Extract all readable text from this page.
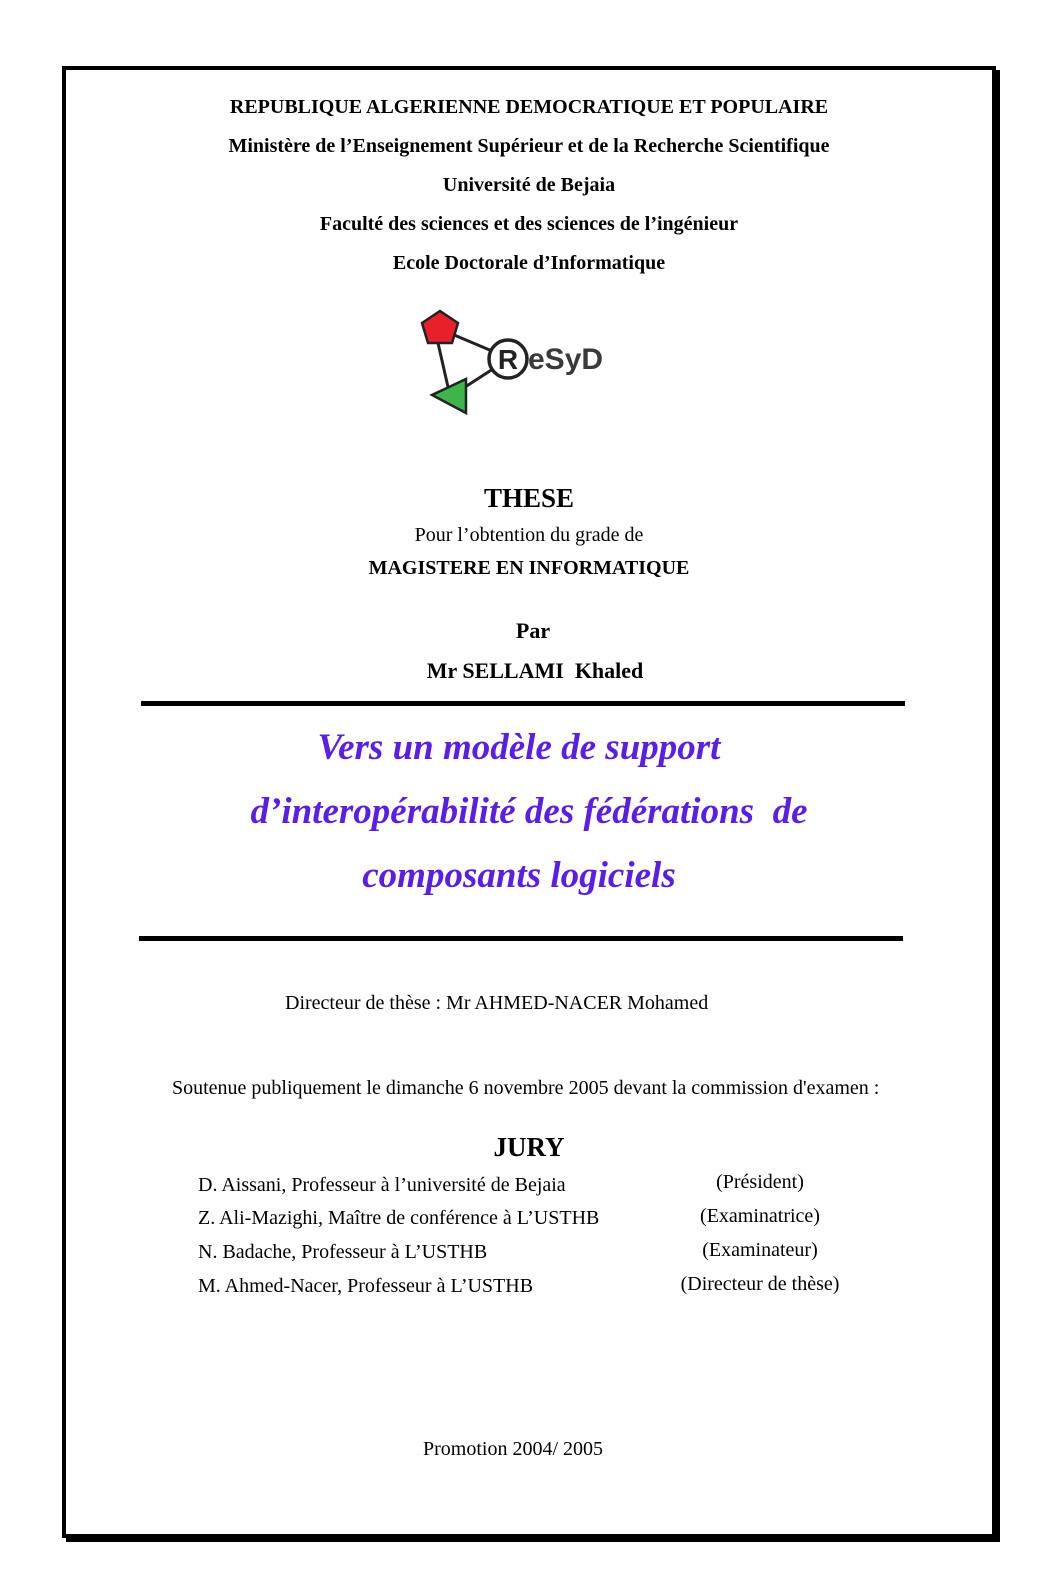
REPUBLIQUE ALGERIENNE DEMOCRATIQUE ET POPULAIRE
Ministère de l’Enseignement Supérieur et de la Recherche Scientifique
Université de Bejaia
Faculté des sciences et des sciences de l’ingénieur
Ecole Doctorale d’Informatique
R eSyD
THESE
Pour l’obtention du grade de
MAGISTERE EN INFORMATIQUE
Par
Mr SELLAMI  Khaled
Vers un modèle de support
d’interopérabilité des fédérations  de
composants logiciels
Directeur de thèse : Mr AHMED-NACER Mohamed
Soutenue publiquement le dimanche 6 novembre 2005 devant la commission d'examen :
JURY
D. Aissani, Professeur à l’université de Bejaia	(Président)
Z. Ali-Mazighi, Maître de conférence à L’USTHB	(Examinatrice)
N. Badache, Professeur à L’USTHB	(Examinateur)
M. Ahmed-Nacer, Professeur à L’USTHB	(Directeur de thèse)
Promotion 2004/ 2005
